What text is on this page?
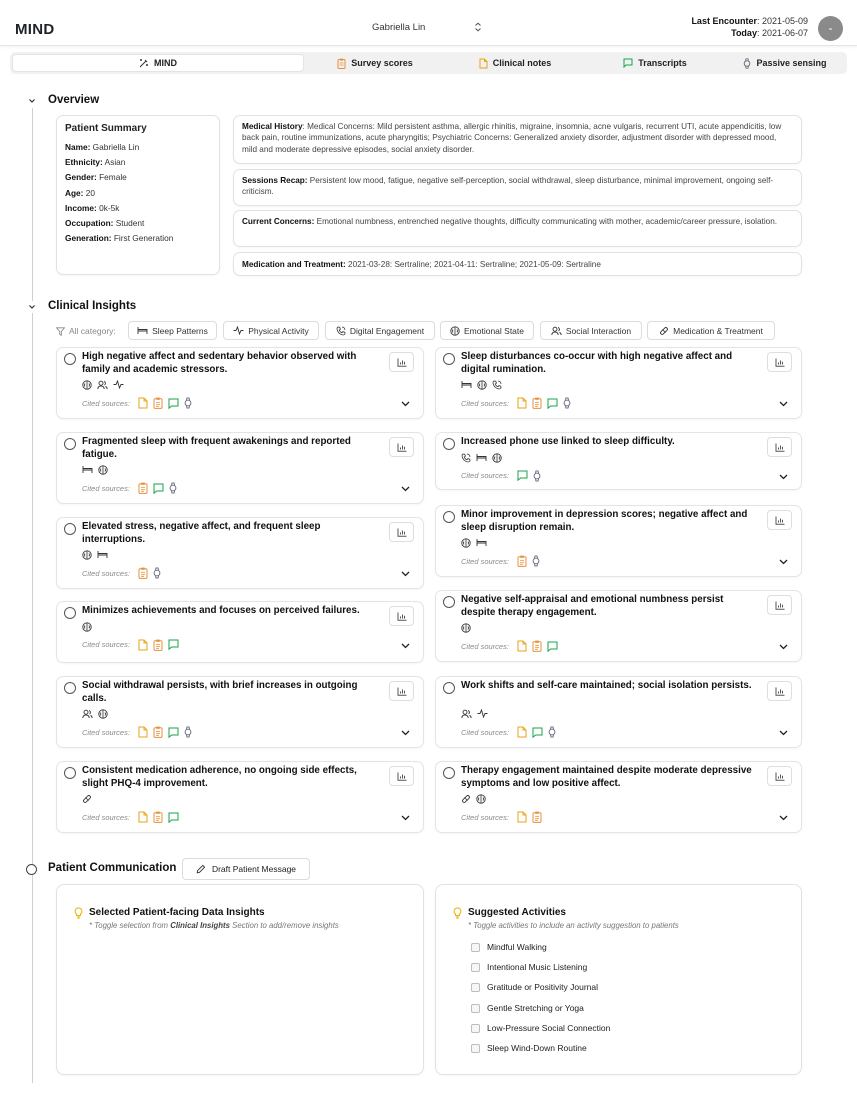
MIND	Gabriella Lin
Last Encounter: 2021-05-09
Today: 2021-06-07	-
MIND	Survey scores	Clinical notes	Transcripts	Passive sensing
Overview
Patient Summary
Name: Gabriella Lin
Ethnicity: Asian
Gender: Female
Age: 20
Income: 0k-5k
Occupation: Student
Generation: First Generation
Medical History: Medical Concerns: Mild persistent asthma, allergic rhinitis, migraine, insomnia, acne vulgaris, recurrent UTI, acute appendicitis, low back pain, routine immunizations, acute pharyngitis; Psychiatric Concerns: Generalized anxiety disorder, adjustment disorder with depressed mood, mild and moderate depressive episodes, social anxiety disorder.
Sessions Recap: Persistent low mood, fatigue, negative self-perception, social withdrawal, sleep disturbance, minimal improvement, ongoing self-criticism.
Current Concerns: Emotional numbness, entrenched negative thoughts, difficulty communicating with mother, academic/career pressure, isolation.
Medication and Treatment: 2021-03-28: Sertraline; 2021-04-11: Sertraline; 2021-05-09: Sertraline
Clinical Insights
All category:	Sleep Patterns	Physical Activity	Digital Engagement	Emotional State	Social Interaction	Medication & Treatment
High negative affect and sedentary behavior observed with family and academic stressors.
Cited sources:
Fragmented sleep with frequent awakenings and reported fatigue.
Cited sources:
Elevated stress, negative affect, and frequent sleep interruptions.
Cited sources:
Minimizes achievements and focuses on perceived failures.
Cited sources:
Social withdrawal persists, with brief increases in outgoing calls.
Cited sources:
Consistent medication adherence, no ongoing side effects, slight PHQ-4 improvement.
Cited sources:
Sleep disturbances co-occur with high negative affect and digital rumination.
Cited sources:
Increased phone use linked to sleep difficulty.
Cited sources:
Minor improvement in depression scores; negative affect and sleep disruption remain.
Cited sources:
Negative self-appraisal and emotional numbness persist despite therapy engagement.
Cited sources:
Work shifts and self-care maintained; social isolation persists.
Cited sources:
Therapy engagement maintained despite moderate depressive symptoms and low positive affect.
Cited sources:
Patient Communication	Draft Patient Message
Selected Patient-facing Data Insights
* Toggle selection from Clinical Insights Section to add/remove insights
Suggested Activities
* Toggle activities to include an activity suggestion to patients
Mindful Walking
Intentional Music Listening
Gratitude or Positivity Journal
Gentle Stretching or Yoga
Low-Pressure Social Connection
Sleep Wind-Down Routine
